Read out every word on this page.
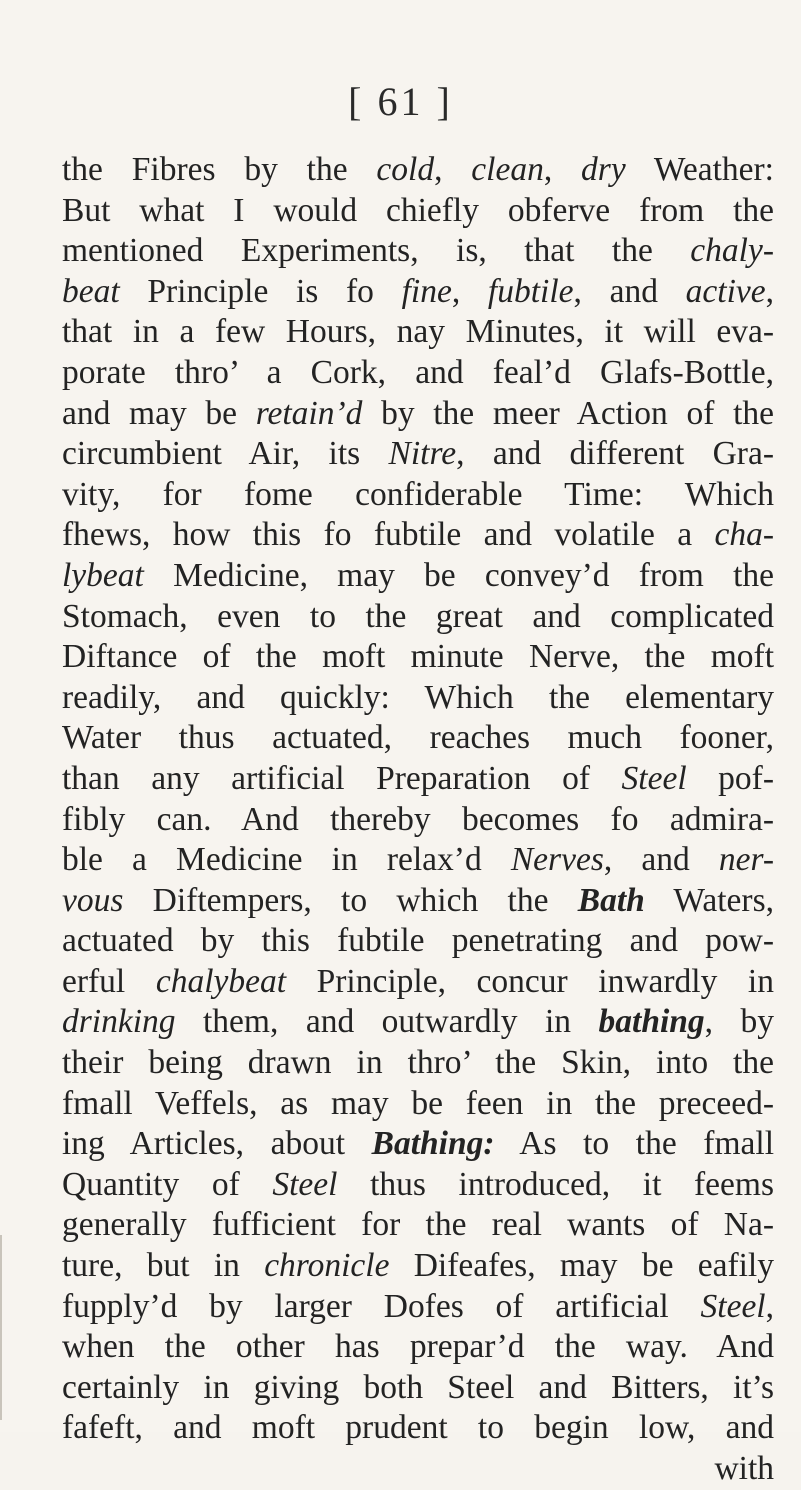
[ 61 ]
the Fibres by the cold, clean, dry Weather:
But what I would chiefly obferve from the
mentioned Experiments, is, that the chaly-
beat Principle is fo fine, fubtile, and active,
that in a few Hours, nay Minutes, it will eva-
porate thro’ a Cork, and feal’d Glafs-Bottle,
and may be retain’d by the meer Action of the
circumbient Air, its Nitre, and different Gra-
vity, for fome confiderable Time: Which
fhews, how this fo fubtile and volatile a cha-
lybeat Medicine, may be convey’d from the
Stomach, even to the great and complicated
Diftance of the moft minute Nerve, the moft
readily, and quickly: Which the elementary
Water thus actuated, reaches much fooner,
than any artificial Preparation of Steel pof-
fibly can. And thereby becomes fo admira-
ble a Medicine in relax’d Nerves, and ner-
vous Diftempers, to which the Bath Waters,
actuated by this fubtile penetrating and pow-
erful chalybeat Principle, concur inwardly in
drinking them, and outwardly in bathing, by
their being drawn in thro’ the Skin, into the
fmall Veffels, as may be feen in the preceed-
ing Articles, about Bathing: As to the fmall
Quantity of Steel thus introduced, it feems
generally fufficient for the real wants of Na-
ture, but in chronicle Difeafes, may be eafily
fupply’d by larger Dofes of artificial Steel,
when the other has prepar’d the way. And
certainly in giving both Steel and Bitters, it’s
fafeft, and moft prudent to begin low, and
with
